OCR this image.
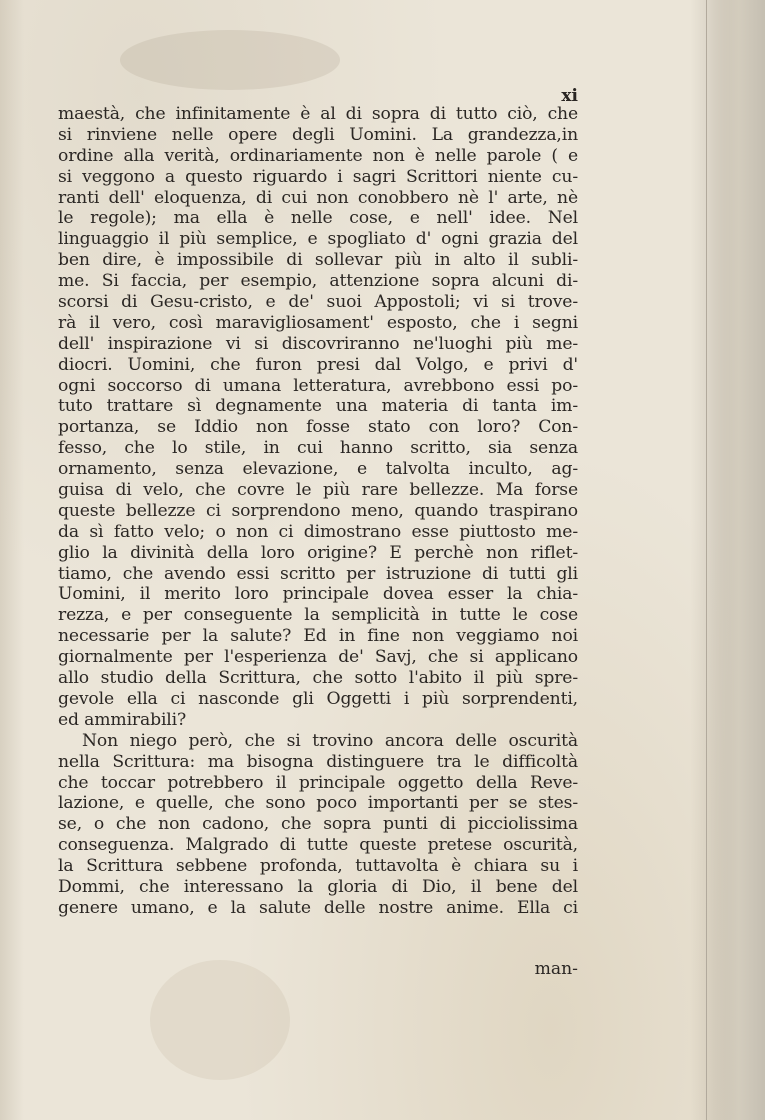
xi
maestà, che infinitamente è al di sopra di tutto ciò, che
si rinviene nelle opere degli Uomini. La grandezza,in
ordine alla verità, ordinariamente non è nelle parole ( e
si veggono a questo riguardo i sagri Scrittori niente cu-
ranti dell' eloquenza, di cui non conobbero nè l' arte, nè
le regole); ma ella è nelle cose, e nell' idee. Nel
linguaggio il più semplice, e spogliato d' ogni grazia del
ben dire, è impossibile di sollevar più in alto il subli-
me. Si faccia, per esempio, attenzione sopra alcuni di-
scorsi di Gesu-cristo, e de' suoi Appostoli; vi si trove-
rà il vero, così maravigliosament' esposto, che i segni
dell' inspirazione vi si discovriranno ne'luoghi più me-
diocri. Uomini, che furon presi dal Volgo, e privi d'
ogni soccorso di umana letteratura, avrebbono essi po-
tuto trattare sì degnamente una materia di tanta im-
portanza, se Iddio non fosse stato con loro? Con-
fesso, che lo stile, in cui hanno scritto, sia senza
ornamento, senza elevazione, e talvolta inculto, ag-
guisa di velo, che covre le più rare bellezze. Ma forse
queste bellezze ci sorprendono meno, quando traspirano
da sì fatto velo; o non ci dimostrano esse piuttosto me-
glio la divinità della loro origine? E perchè non riflet-
tiamo, che avendo essi scritto per istruzione di tutti gli
Uomini, il merito loro principale dovea esser la chia-
rezza, e per conseguente la semplicità in tutte le cose
necessarie per la salute? Ed in fine non veggiamo noi
giornalmente per l'esperienza de' Savj, che si applicano
allo studio della Scrittura, che sotto l'abito il più spre-
gevole ella ci nasconde gli Oggetti i più sorprendenti,
ed ammirabili?
Non niego però, che si trovino ancora delle oscurità
nella Scrittura: ma bisogna distinguere tra le difficoltà
che toccar potrebbero il principale oggetto della Reve-
lazione, e quelle, che sono poco importanti per se stes-
se, o che non cadono, che sopra punti di picciolissima
conseguenza. Malgrado di tutte queste pretese oscurità,
la Scrittura sebbene profonda, tuttavolta è chiara su i
Dommi, che interessano la gloria di Dio, il bene del
genere umano, e la salute delle nostre anime. Ella ci
man-
